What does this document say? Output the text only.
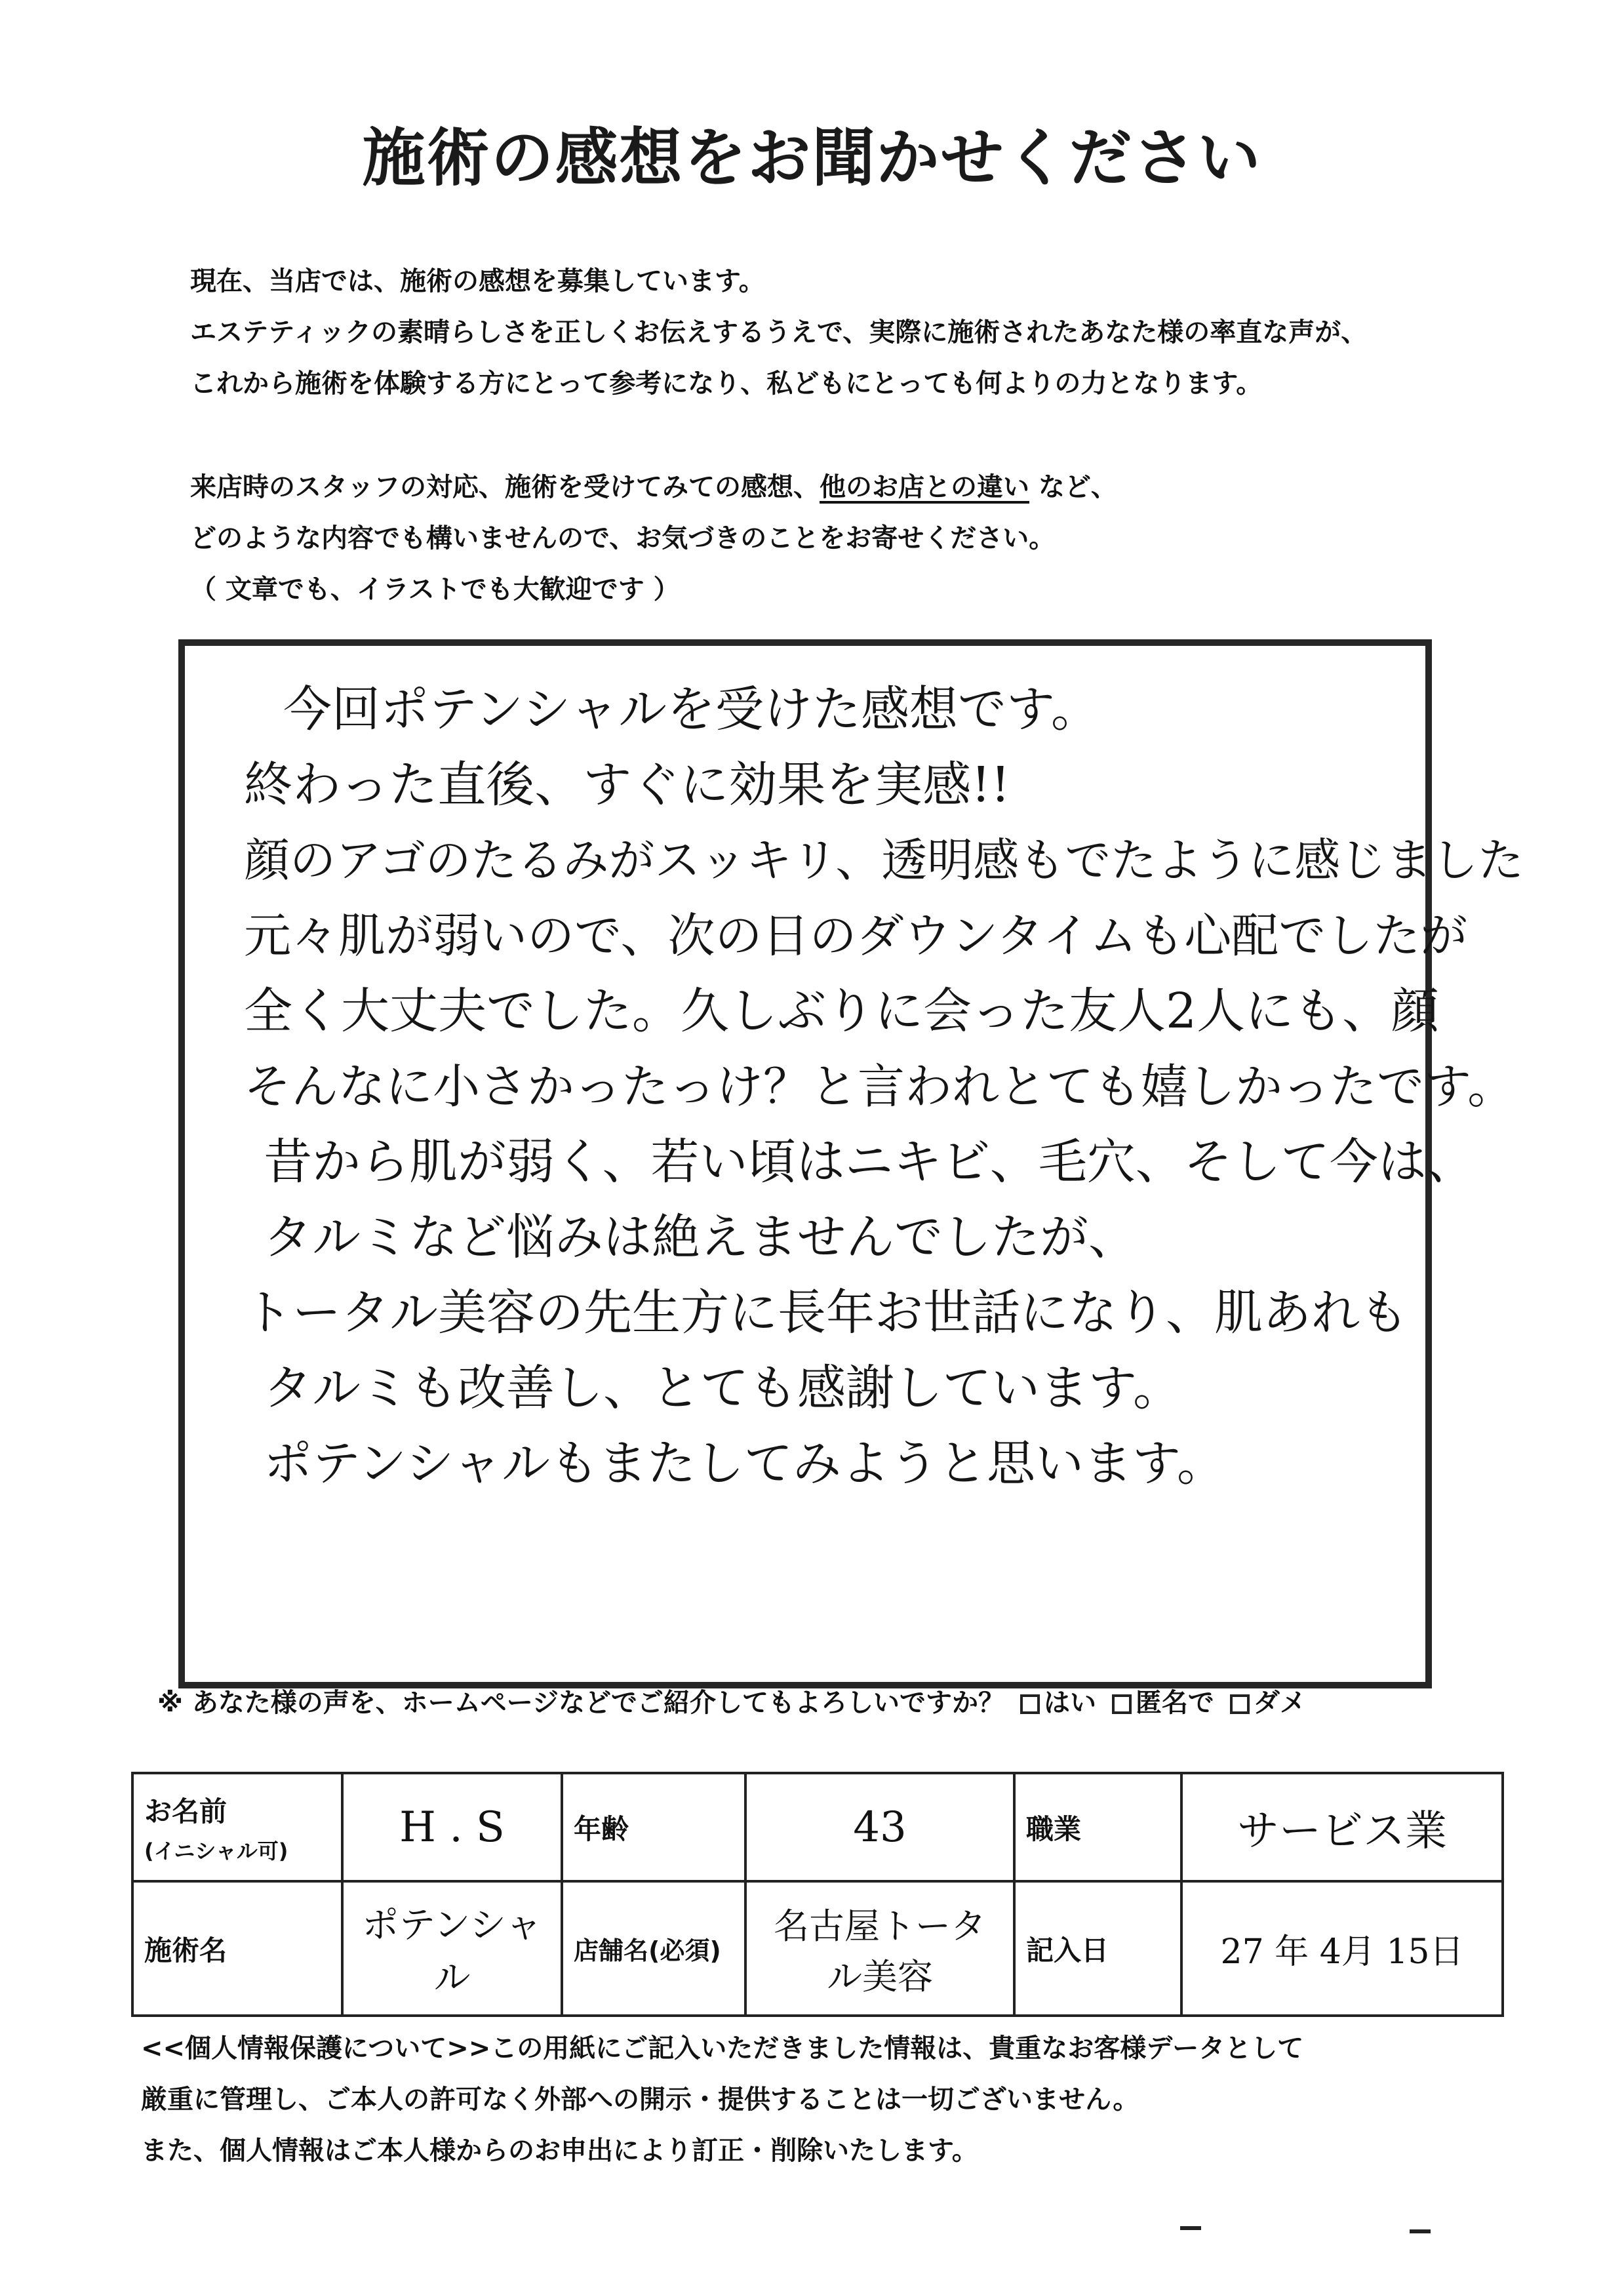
施術の感想をお聞かせください

現在、当店では、施術の感想を募集しています。

エステティックの素晴らしさを正しくお伝えするうえで、実際に施術されたあなた様の率直な声が、

これから施術を体験する方にとって参考になり、私どもにとっても何よりの力となります。

来店時のスタッフの対応、施術を受けてみての感想、他のお店との違い など、

どのような内容でも構いませんので、お気づきのことをお寄せください。

（ 文章でも、イラストでも大歓迎です ）

今回ポテンシャルを受けた感想です。
終わった直後、すぐに効果を実感!!
顔のアゴのたるみがスッキリ、透明感もでたように感じました
元々肌が弱いので、次の日のダウンタイムも心配でしたが
全く大丈夫でした。久しぶりに会った友人2人にも、顔
そんなに小さかったっけ？と言われとても嬉しかったです。
昔から肌が弱く、若い頃はニキビ、毛穴、そして今は、
タルミなど悩みは絶えませんでしたが、
トータル美容の先生方に長年お世話になり、肌あれも
タルミも改善し、とても感謝しています。
ポテンシャルもまたしてみようと思います。
※ あなた様の声を、ホームページなどでご紹介してもよろしいですか？ はい 匿名で ダメ
お名前
(イニシャル可)	H . S	年齢	43	職業	サービス業
施術名	ポテンシャル	店舗名(必須)	名古屋トータル美容	記入日	27 年 4月 15日

<<個人情報保護について>>この用紙にご記入いただきました情報は、貴重なお客様データとして

厳重に管理し、ご本人の許可なく外部への開示・提供することは一切ございません。

また、個人情報はご本人様からのお申出により訂正・削除いたします。
